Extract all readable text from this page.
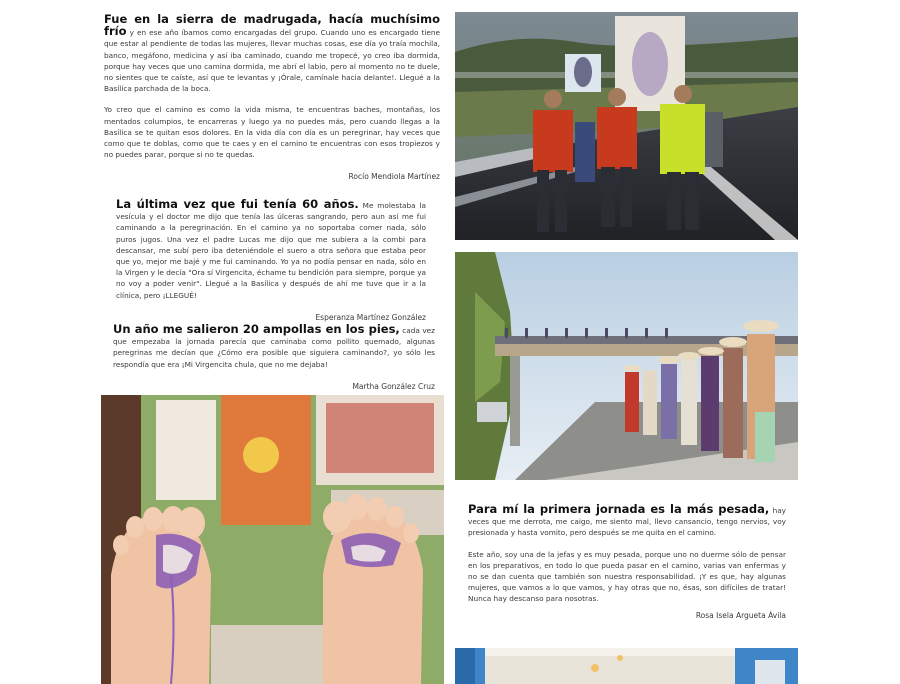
Fue en la sierra de madrugada, hacía muchísimo frío y en ese año íbamos como encargadas del grupo. Cuando uno es encargado tiene que estar al pendiente de todas las mujeres, llevar muchas cosas, ese día yo traía mochila, banco, megáfono, medicina y así iba caminado, cuando me tropecé, yo creo iba dormida, porque hay veces que uno camina dormida, me abrí el labio, pero al momento no te duele, no sientes que te caíste, así que te levantas y ¡Órale, camínale hacia delante!. Llegué a la Basílica parchada de la boca.

Yo creo que el camino es como la vida misma, te encuentras baches, montañas, los mentados columpios, te encarreras y luego ya no puedes más, pero cuando llegas a la Basílica se te quitan esos dolores. En la vida día con día es un peregrinar, hay veces que como que te doblas, como que te caes y en el camino te encuentras con esos tropiezos y no puedes parar, porque si no te quedas.

Rocío Mendiola Martínez

La última vez que fui tenía 60 años. Me molestaba la vesícula y el doctor me dijo que tenía las úlceras sangrando, pero aun así me fui caminando a la peregrinación. En el camino ya no soportaba comer nada, sólo puros jugos. Una vez el padre Lucas me dijo que me subiera a la combi para descansar, me subí pero iba deteniéndole el suero a otra señora que estaba peor que yo, mejor me bajé y me fui caminando. Yo ya no podía pensar en nada, sólo en la Virgen y le decía "Ora sí Virgencita, échame tu bendición para siempre, porque ya no voy a poder venir". Llegué a la Basílica y después de ahí me tuve que ir a la clínica, pero ¡LLEGUÉ!

Esperanza Martínez González

Un año me salieron 20 ampollas en los pies, cada vez que empezaba la jornada parecía que caminaba como pollito quemado, algunas peregrinas me decían que ¿Cómo era posible que siguiera caminando?, yo sólo les respondía que era ¡Mi Virgencita chula, que no me dejaba!

Martha González Cruz

Para mí la primera jornada es la más pesada, hay veces que me derrota, me caigo, me siento mal, llevo cansancio, tengo nervios, voy presionada y hasta vomito, pero después se me quita en el camino.

Este año, soy una de la jefas y es muy pesada, porque uno no duerme sólo de pensar en los preparativos, en todo lo que pueda pasar en el camino, varias van enfermas y no se dan cuenta que también son nuestra responsabilidad. ¡Y es que, hay algunas mujeres, que vamos a lo que vamos, y hay otras que no, ésas, son difíciles de tratar! Nunca hay descanso para nosotras.

Rosa Isela Argueta Ávila
